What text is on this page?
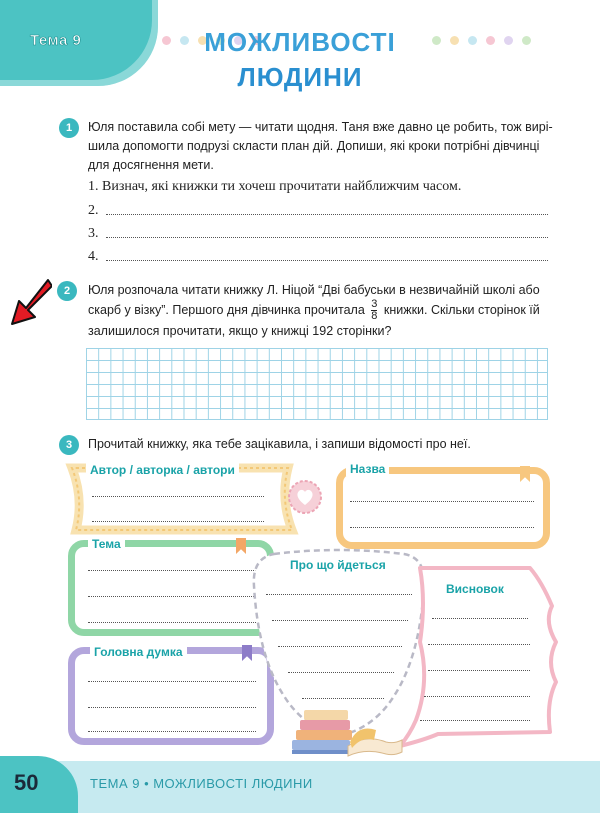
Тема 9	МОЖЛИВОСТІ
ЛЮДИНИ
1	Юля поставила собі мету — читати щодня. Таня вже давно це робить, тож вирі-
шила допомогти подрузі скласти план дій. Допиши, які кроки потрібні дівчинці
для досягнення мети.
1. Визнач, які книжки ти хочеш прочитати найближчим часом.
2.
3.
4.
2	Юля розпочала читати книжку Л. Ніцой “Дві бабуськи в незвичайній школі або
скарб у візку”. Першого дня дівчинка прочитала $\frac{3}{8}$ книжки. Скільки сторінок їй
залишилося прочитати, якщо у книжці 192 сторінки?
3	Прочитай книжку, яка тебе зацікавила, і запиши відомості про неї.
Автор / авторка / автори	Назва
Тема
Головна думка
Про що йдеться
Висновок
50	ТЕМА 9 • МОЖЛИВОСТІ ЛЮДИНИ
